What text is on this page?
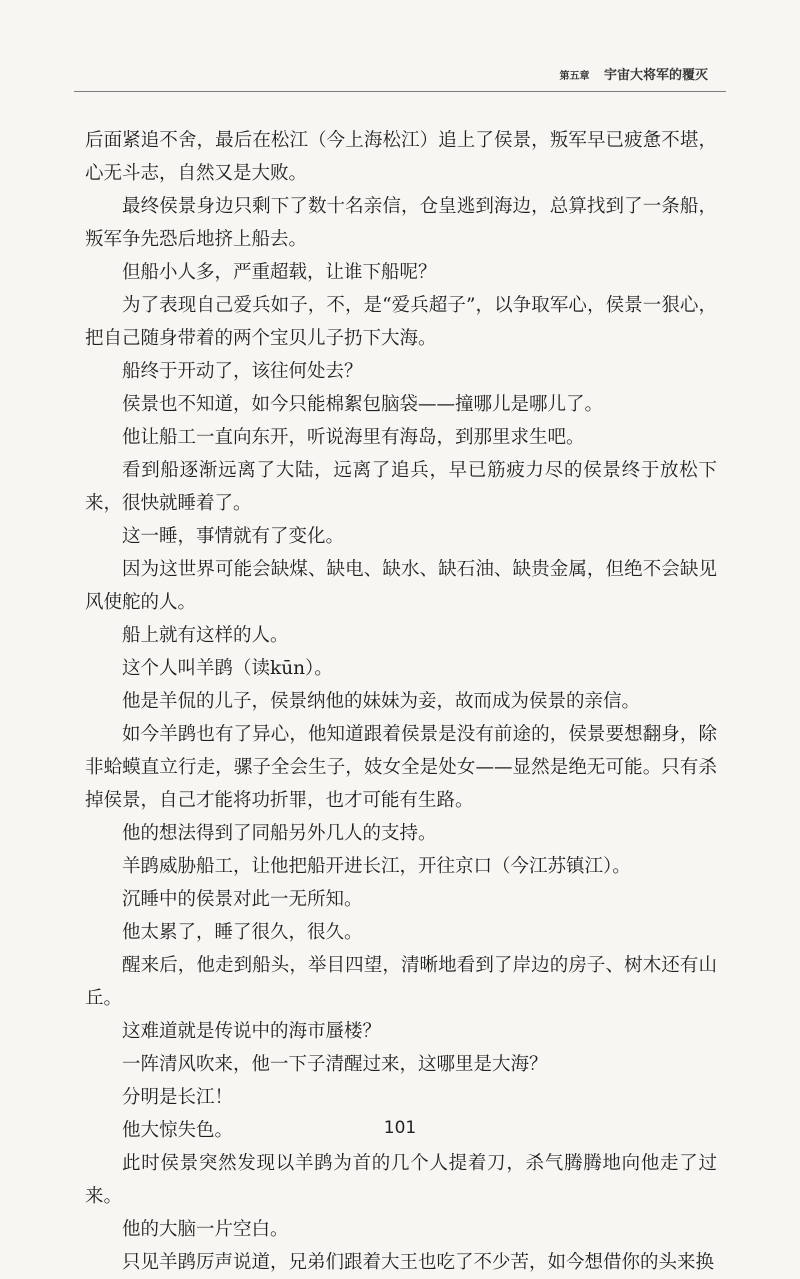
第五章 宇宙大将军的覆灭

后面紧追不舍，最后在松江（今上海松江）追上了侯景，叛军早已疲惫不堪，心无斗志，自然又是大败。

最终侯景身边只剩下了数十名亲信，仓皇逃到海边，总算找到了一条船，叛军争先恐后地挤上船去。

但船小人多，严重超载，让谁下船呢？

为了表现自己爱兵如子，不，是“爱兵超子”，以争取军心，侯景一狠心，把自己随身带着的两个宝贝儿子扔下大海。

船终于开动了，该往何处去？

侯景也不知道，如今只能棉絮包脑袋——撞哪儿是哪儿了。

他让船工一直向东开，听说海里有海岛，到那里求生吧。

看到船逐渐远离了大陆，远离了追兵，早已筋疲力尽的侯景终于放松下来，很快就睡着了。

这一睡，事情就有了变化。

因为这世界可能会缺煤、缺电、缺水、缺石油、缺贵金属，但绝不会缺见风使舵的人。

船上就有这样的人。

这个人叫羊鹍（读kūn）。

他是羊侃的儿子，侯景纳他的妹妹为妾，故而成为侯景的亲信。

如今羊鹍也有了异心，他知道跟着侯景是没有前途的，侯景要想翻身，除非蛤蟆直立行走，骡子全会生子，妓女全是处女——显然是绝无可能。只有杀掉侯景，自己才能将功折罪，也才可能有生路。

他的想法得到了同船另外几人的支持。

羊鹍威胁船工，让他把船开进长江，开往京口（今江苏镇江）。

沉睡中的侯景对此一无所知。

他太累了，睡了很久，很久。

醒来后，他走到船头，举目四望，清晰地看到了岸边的房子、树木还有山丘。

这难道就是传说中的海市蜃楼？

一阵清风吹来，他一下子清醒过来，这哪里是大海？

分明是长江！

他大惊失色。

此时侯景突然发现以羊鹍为首的几个人提着刀，杀气腾腾地向他走了过来。

他的大脑一片空白。

只见羊鹍厉声说道，兄弟们跟着大王也吃了不少苦，如今想借你的头来换

101
